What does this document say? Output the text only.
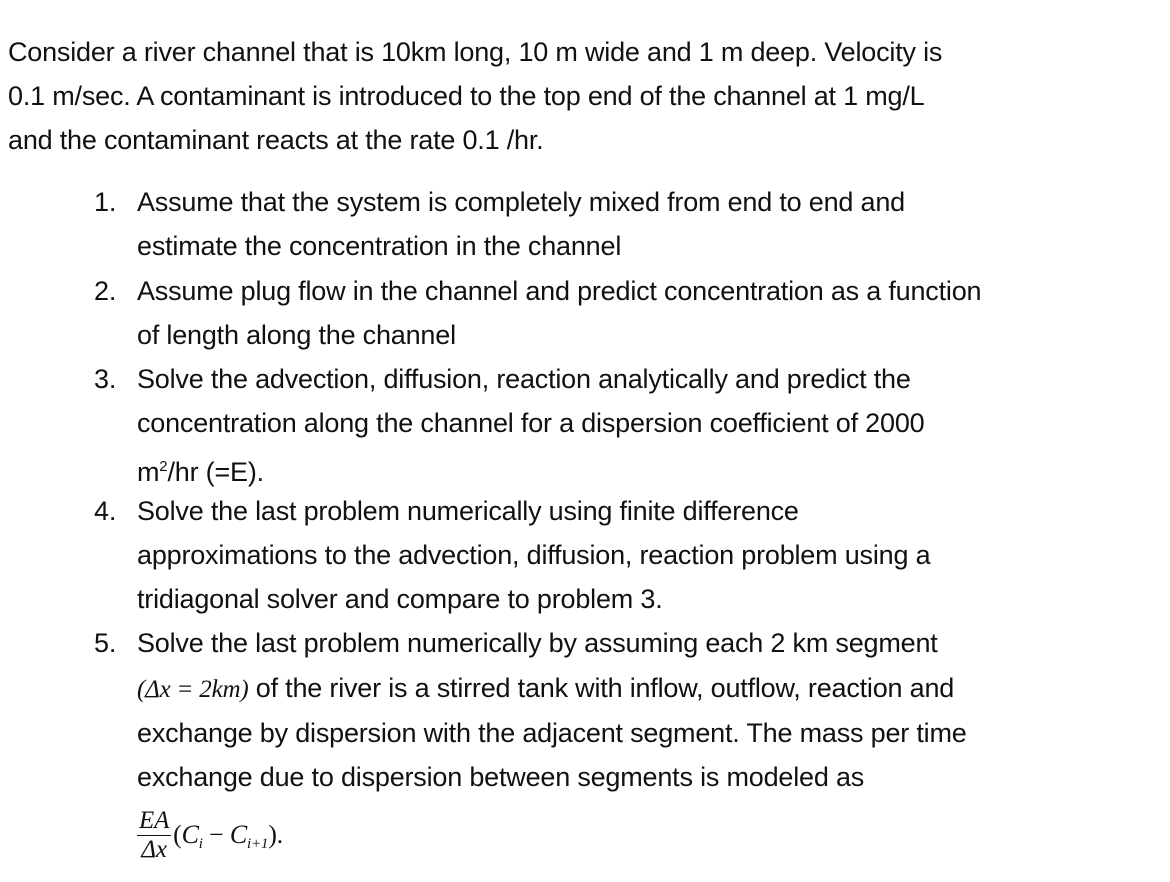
Consider a river channel that is 10km long, 10 m wide and 1 m deep. Velocity is
0.1 m/sec. A contaminant is introduced to the top end of the channel at 1 mg/L
and the contaminant reacts at the rate 0.1 /hr.

1. Assume that the system is completely mixed from end to end and
estimate the concentration in the channel
2. Assume plug flow in the channel and predict concentration as a function
of length along the channel
3. Solve the advection, diffusion, reaction analytically and predict the
concentration along the channel for a dispersion coefficient of 2000
$m^2/hr$ (=E).
4. Solve the last problem numerically using finite difference
approximations to the advection, diffusion, reaction problem using a
tridiagonal solver and compare to problem 3.
5. Solve the last problem numerically by assuming each 2 km segment
(Δx = 2km) of the river is a stirred tank with inflow, outflow, reaction and
exchange by dispersion with the adjacent segment. The mass per time
exchange due to dispersion between segments is modeled as
$\frac{EA}{\Delta x} (C_i - C_{i+1})$.
